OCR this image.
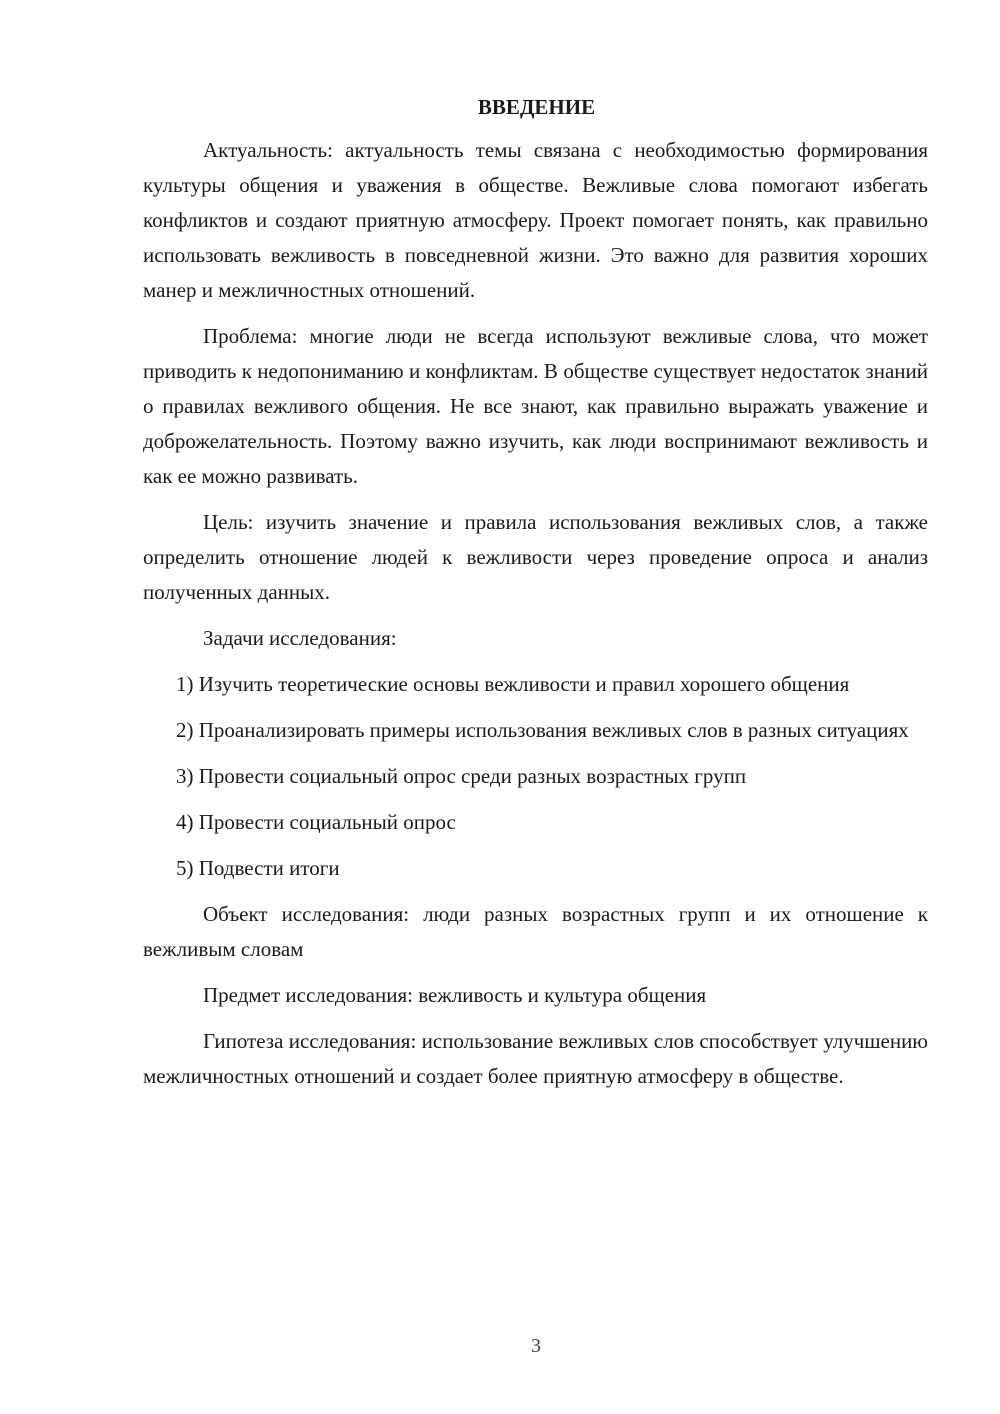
ВВЕДЕНИЕ

Актуальность: актуальность темы связана с необходимостью формирования культуры общения и уважения в обществе. Вежливые слова помогают избегать конфликтов и создают приятную атмосферу. Проект помогает понять, как правильно использовать вежливость в повседневной жизни. Это важно для развития хороших манер и межличностных отношений.

Проблема: многие люди не всегда используют вежливые слова, что может приводить к недопониманию и конфликтам. В обществе существует недостаток знаний о правилах вежливого общения. Не все знают, как правильно выражать уважение и доброжелательность. Поэтому важно изучить, как люди воспринимают вежливость и как ее можно развивать.

Цель: изучить значение и правила использования вежливых слов, а также определить отношение людей к вежливости через проведение опроса и анализ полученных данных.

Задачи исследования:

1) Изучить теоретические основы вежливости и правил хорошего общения

2) Проанализировать примеры использования вежливых слов в разных ситуациях

3) Провести социальный опрос среди разных возрастных групп

4) Провести социальный опрос

5) Подвести итоги

Объект исследования: люди разных возрастных групп и их отношение к вежливым словам

Предмет исследования: вежливость и культура общения

Гипотеза исследования: использование вежливых слов способствует улучшению межличностных отношений и создает более приятную атмосферу в обществе.

3
